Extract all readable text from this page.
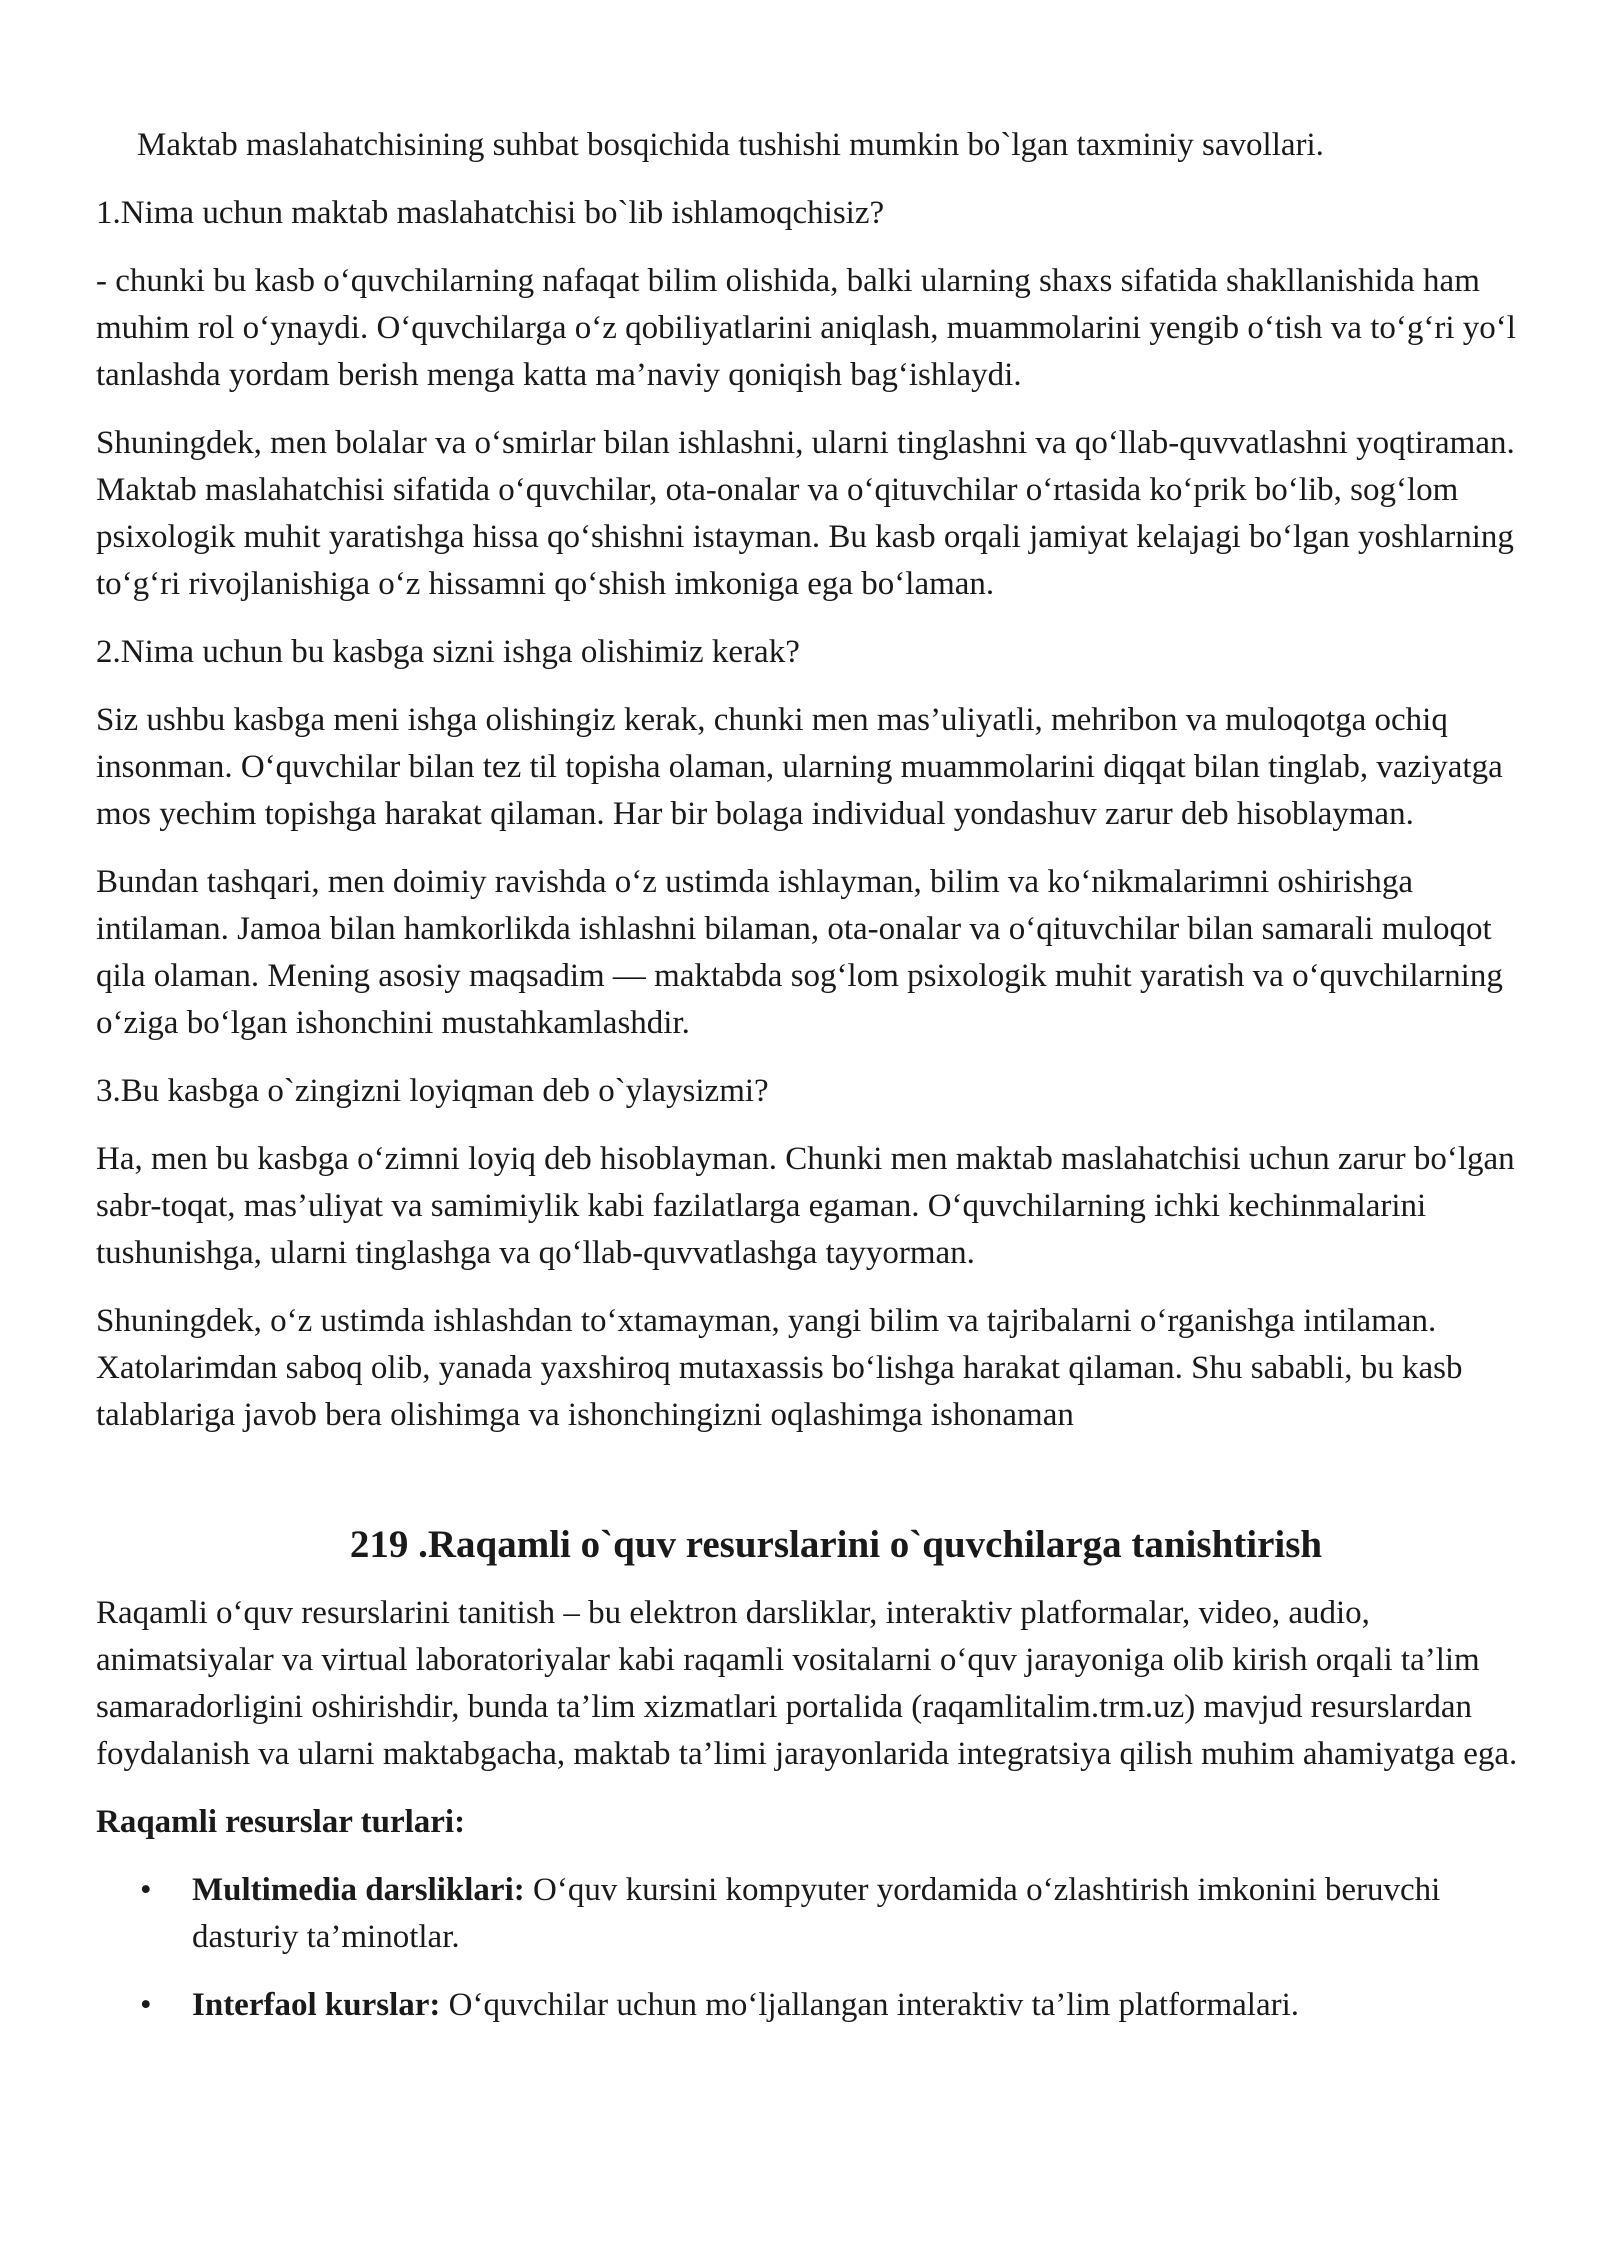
Maktab maslahatchisining suhbat bosqichida tushishi mumkin bo`lgan taxminiy savollari.

1.Nima uchun maktab maslahatchisi bo`lib ishlamoqchisiz?

- chunki bu kasb o‘quvchilarning nafaqat bilim olishida, balki ularning shaxs sifatida shakllanishida ham muhim rol o‘ynaydi. O‘quvchilarga o‘z qobiliyatlarini aniqlash, muammolarini yengib o‘tish va to‘g‘ri yo‘l tanlashda yordam berish menga katta ma’naviy qoniqish bag‘ishlaydi.

Shuningdek, men bolalar va o‘smirlar bilan ishlashni, ularni tinglashni va qo‘llab-quvvatlashni yoqtiraman. Maktab maslahatchisi sifatida o‘quvchilar, ota-onalar va o‘qituvchilar o‘rtasida ko‘prik bo‘lib, sog‘lom psixologik muhit yaratishga hissa qo‘shishni istayman. Bu kasb orqali jamiyat kelajagi bo‘lgan yoshlarning to‘g‘ri rivojlanishiga o‘z hissamni qo‘shish imkoniga ega bo‘laman.

2.Nima uchun bu kasbga sizni ishga olishimiz kerak?

Siz ushbu kasbga meni ishga olishingiz kerak, chunki men mas’uliyatli, mehribon va muloqotga ochiq insonman. O‘quvchilar bilan tez til topisha olaman, ularning muammolarini diqqat bilan tinglab, vaziyatga mos yechim topishga harakat qilaman. Har bir bolaga individual yondashuv zarur deb hisoblayman.

Bundan tashqari, men doimiy ravishda o‘z ustimda ishlayman, bilim va ko‘nikmalarimni oshirishga intilaman. Jamoa bilan hamkorlikda ishlashni bilaman, ota-onalar va o‘qituvchilar bilan samarali muloqot qila olaman. Mening asosiy maqsadim — maktabda sog‘lom psixologik muhit yaratish va o‘quvchilarning o‘ziga bo‘lgan ishonchini mustahkamlashdir.

3.Bu kasbga o`zingizni loyiqman deb o`ylaysizmi?

Ha, men bu kasbga o‘zimni loyiq deb hisoblayman. Chunki men maktab maslahatchisi uchun zarur bo‘lgan sabr-toqat, mas’uliyat va samimiylik kabi fazilatlarga egaman. O‘quvchilarning ichki kechinmalarini tushunishga, ularni tinglashga va qo‘llab-quvvatlashga tayyorman.

Shuningdek, o‘z ustimda ishlashdan to‘xtamayman, yangi bilim va tajribalarni o‘rganishga intilaman. Xatolarimdan saboq olib, yanada yaxshiroq mutaxassis bo‘lishga harakat qilaman. Shu sababli, bu kasb talablariga javob bera olishimga va ishonchingizni oqlashimga ishonaman

219 .Raqamli o`quv resurslarini o`quvchilarga tanishtirish

Raqamli o‘quv resurslarini tanitish – bu elektron darsliklar, interaktiv platformalar, video, audio, animatsiyalar va virtual laboratoriyalar kabi raqamli vositalarni o‘quv jarayoniga olib kirish orqali ta’lim samaradorligini oshirishdir, bunda ta’lim xizmatlari portalida (raqamlitalim.trm.uz) mavjud resurslardan foydalanish va ularni maktabgacha, maktab ta’limi jarayonlarida integratsiya qilish muhim ahamiyatga ega.

Raqamli resurslar turlari:

• Multimedia darsliklari: O‘quv kursini kompyuter yordamida o‘zlashtirish imkonini beruvchi dasturiy ta’minotlar.
• Interfaol kurslar: O‘quvchilar uchun mo‘ljallangan interaktiv ta’lim platformalari.
